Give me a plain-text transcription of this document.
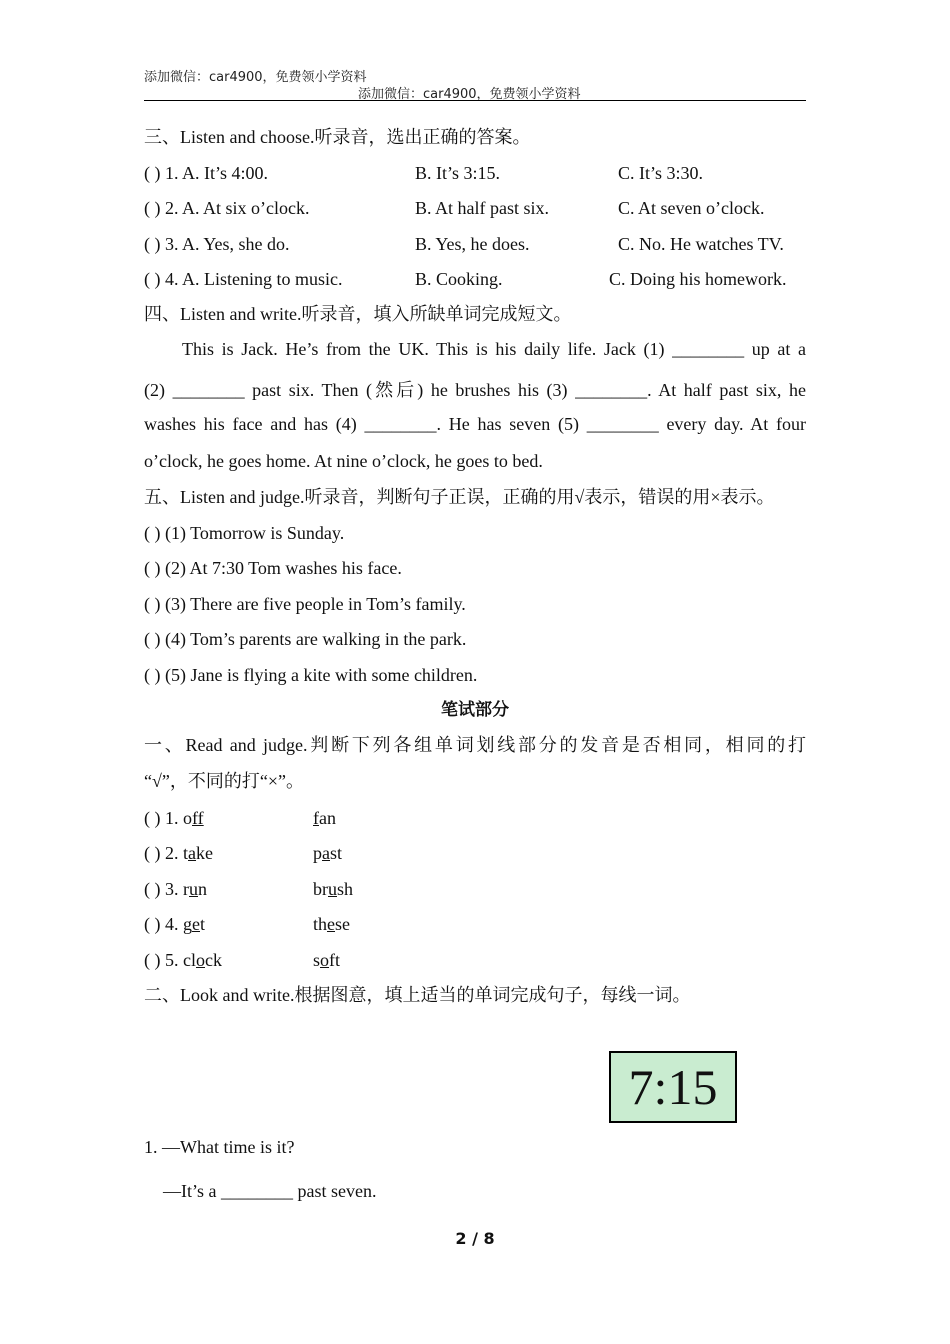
添加微信：car4900，免费领小学资料
添加微信：car4900，免费领小学资料
三、Listen and choose.听录音，选出正确的答案。
( ) 1. A. It’s 4:00.	B. It’s 3:15.	C. It’s 3:30.
( ) 2. A. At six o’clock.	B. At half past six.	C. At seven o’clock.
( ) 3. A. Yes, she do.	B. Yes, he does.	C. No. He watches TV.
( ) 4. A. Listening to music.	B. Cooking.	C. Doing his homework.
四、Listen and write.听录音，填入所缺单词完成短文。
This is Jack. He’s from the UK. This is his daily life. Jack (1) ________ up at a
(2) ________ past six. Then (然后) he brushes his (3) ________. At half past six, he
washes his face and has (4) ________. He has seven (5) ________ every day. At four
o’clock, he goes home. At nine o’clock, he goes to bed.
五、Listen and judge.听录音，判断句子正误，正确的用√表示，错误的用×表示。
( ) (1) Tomorrow is Sunday.
( ) (2) At 7:30 Tom washes his face.
( ) (3) There are five people in Tom’s family.
( ) (4) Tom’s parents are walking in the park.
( ) (5) Jane is flying a kite with some children.
笔试部分
一、Read and judge.判断下列各组单词划线部分的发音是否相同，相同的打
“√”，不同的打“×”。
( ) 1. off	fan
( ) 2. take	past
( ) 3. run	brush
( ) 4. get	these
( ) 5. clock	soft
二、Look and write.根据图意，填上适当的单词完成句子，每线一词。
7:15
1. —What time is it?
—It’s a ________ past seven.
2 / 8
